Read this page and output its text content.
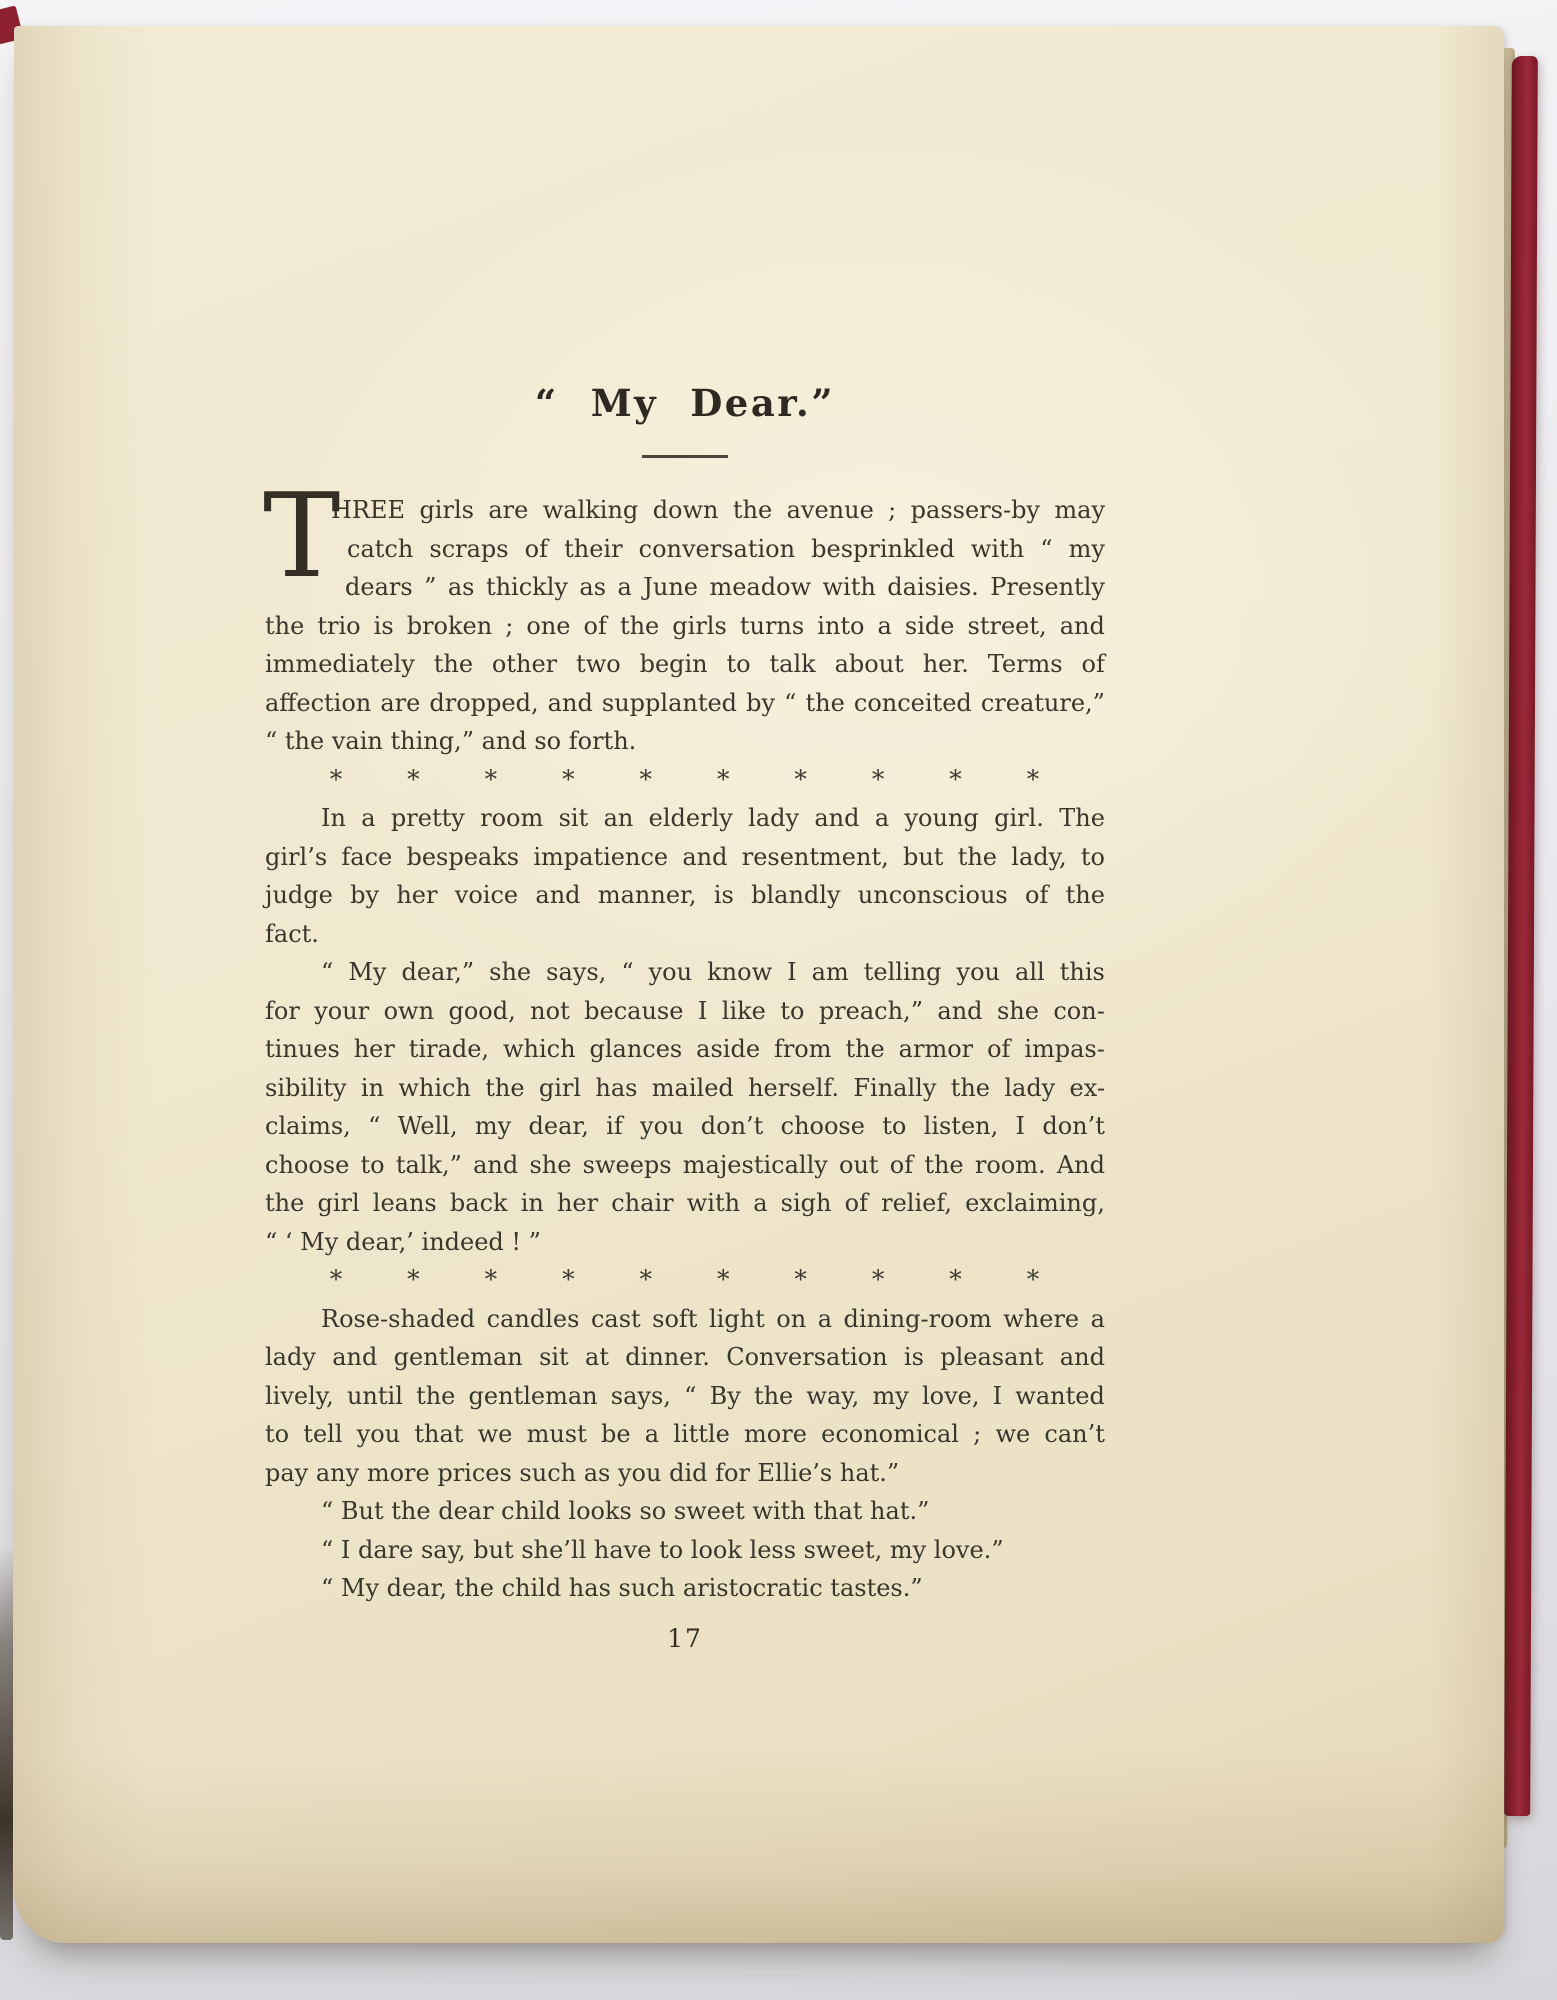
“ My Dear.”
T
HREE girls are walking down the avenue ; passers-by may
catch scraps of their conversation besprinkled with “ my
dears ” as thickly as a June meadow with daisies. Presently
the trio is broken ; one of the girls turns into a side street, and
immediately the other two begin to talk about her. Terms of
affection are dropped, and supplanted by “ the conceited creature,”
“ the vain thing,” and so forth.
* * * * * * * * * *
In a pretty room sit an elderly lady and a young girl. The
girl’s face bespeaks impatience and resentment, but the lady, to
judge by her voice and manner, is blandly unconscious of the
fact.
“ My dear,” she says, “ you know I am telling you all this
for your own good, not because I like to preach,” and she con-
tinues her tirade, which glances aside from the armor of impas-
sibility in which the girl has mailed herself. Finally the lady ex-
claims, “ Well, my dear, if you don’t choose to listen, I don’t
choose to talk,” and she sweeps majestically out of the room. And
the girl leans back in her chair with a sigh of relief, exclaiming,
“ ‘ My dear,’ indeed ! ”
* * * * * * * * * *
Rose-shaded candles cast soft light on a dining-room where a
lady and gentleman sit at dinner. Conversation is pleasant and
lively, until the gentleman says, “ By the way, my love, I wanted
to tell you that we must be a little more economical ; we can’t
pay any more prices such as you did for Ellie’s hat.”
“ But the dear child looks so sweet with that hat.”
“ I dare say, but she’ll have to look less sweet, my love.”
“ My dear, the child has such aristocratic tastes.”
17
